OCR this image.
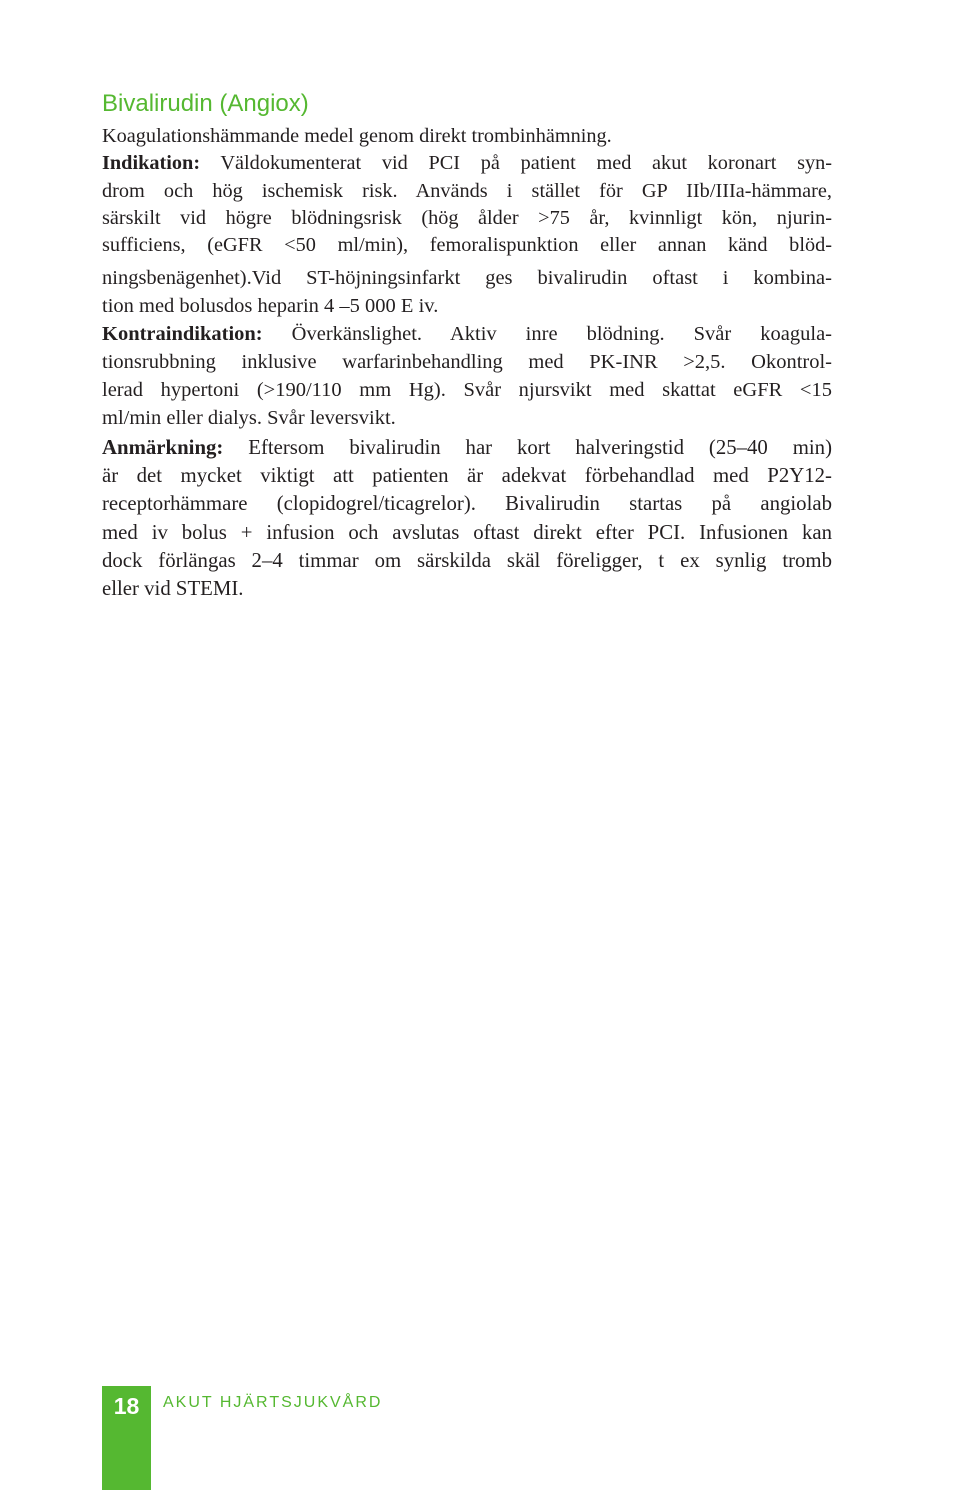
Bivalirudin (Angiox)
Koagulationshämmande medel genom direkt trombinhämning.
Indikation: Väldokumenterat vid PCI på patient med akut koronart syn-
drom och hög ischemisk risk. Används i stället för GP IIb/IIIa-hämmare,
särskilt vid högre blödningsrisk (hög ålder >75 år, kvinnligt kön, njurin-
sufficiens, (eGFR <50 ml/min), femoralispunktion eller annan känd blöd-
ningsbenägenhet).Vid ST-höjningsinfarkt ges bivalirudin oftast i kombina-
tion med bolusdos heparin 4 –5 000 E iv.
Kontraindikation: Överkänslighet. Aktiv inre blödning. Svår koagula-
tionsrubbning inklusive warfarinbehandling med PK-INR >2,5. Okontrol-
lerad hypertoni (>190/110 mm Hg). Svår njursvikt med skattat eGFR <15
ml/min eller dialys. Svår leversvikt.
Anmärkning: Eftersom bivalirudin har kort halveringstid (25–40 min)
är det mycket viktigt att patienten är adekvat förbehandlad med P2Y12-
receptorhämmare (clopidogrel/ticagrelor). Bivalirudin startas på angiolab
med iv bolus + infusion och avslutas oftast direkt efter PCI. Infusionen kan
dock förlängas 2–4 timmar om särskilda skäl föreligger, t ex synlig tromb
eller vid STEMI.
18	AKUT HJÄRTSJUKVÅRD
